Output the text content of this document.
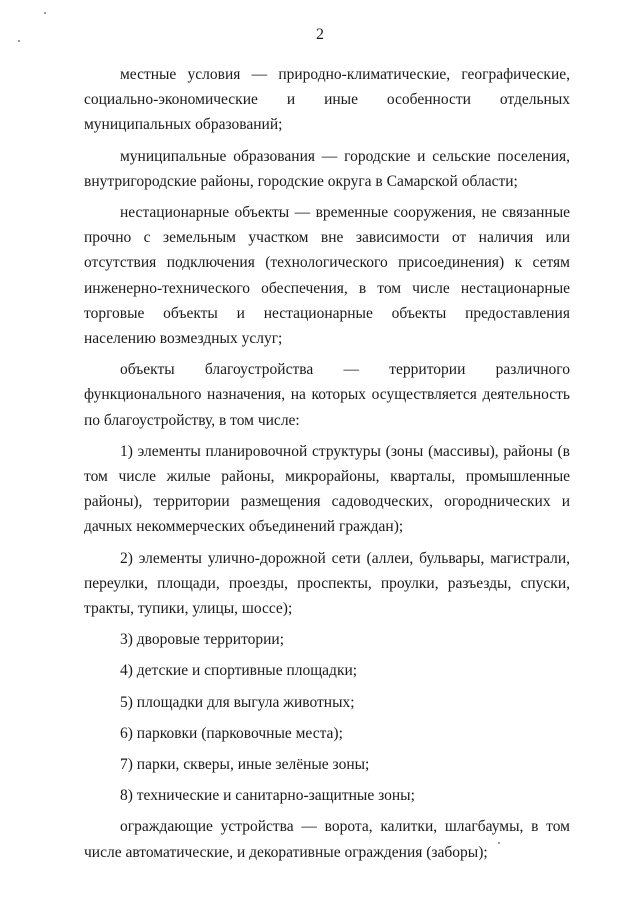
2

местные условия — природно-климатические, географические, социально-экономические и иные особенности отдельных муниципальных образований;

муниципальные образования — городские и сельские поселения, внутригородские районы, городские округа в Самарской области;

нестационарные объекты — временные сооружения, не связанные прочно с земельным участком вне зависимости от наличия или отсутствия подключения (технологического присоединения) к сетям инженерно-технического обеспечения, в том числе нестационарные торговые объекты и нестационарные объекты предоставления населению возмездных услуг;

объекты благоустройства — территории различного функционального назначения, на которых осуществляется деятельность по благоустройству, в том числе:

1) элементы планировочной структуры (зоны (массивы), районы (в том числе жилые районы, микрорайоны, кварталы, промышленные районы), территории размещения садоводческих, огороднических и дачных некоммерческих объединений граждан);

2) элементы улично-дорожной сети (аллеи, бульвары, магистрали, переулки, площади, проезды, проспекты, проулки, разъезды, спуски, тракты, тупики, улицы, шоссе);

3) дворовые территории;

4) детские и спортивные площадки;

5) площадки для выгула животных;

6) парковки (парковочные места);

7) парки, скверы, иные зелёные зоны;

8) технические и санитарно-защитные зоны;

ограждающие устройства — ворота, калитки, шлагбаумы, в том числе автоматические, и декоративные ограждения (заборы);
